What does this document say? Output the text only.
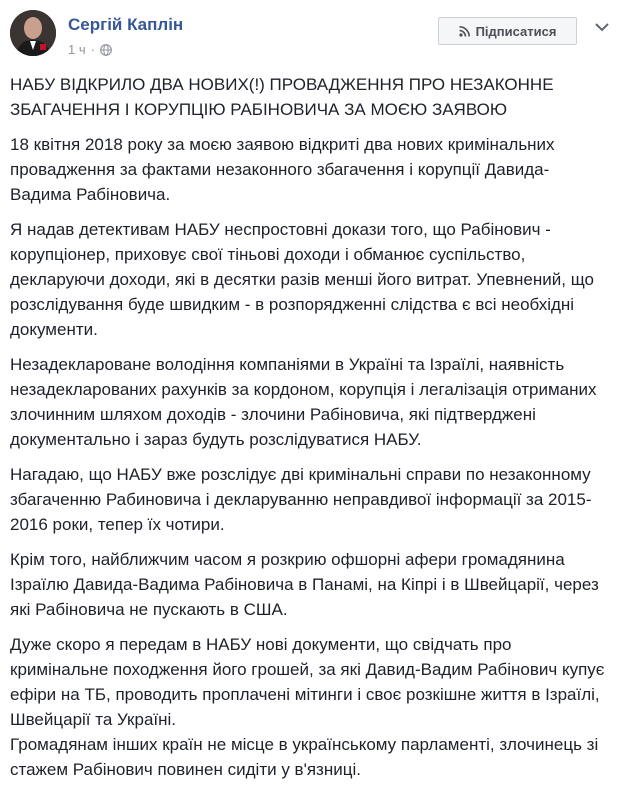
Сергій Каплін
1 ч ·
Підписатися

НАБУ ВІДКРИЛО ДВА НОВИХ(!) ПРОВАДЖЕННЯ ПРО НЕЗАКОННЕ ЗБАГАЧЕННЯ І КОРУПЦІЮ РАБІНОВИЧА ЗА МОЄЮ ЗАЯВОЮ

18 квітня 2018 року за моєю заявою відкриті два нових кримінальних провадження за фактами незаконного збагачення і корупції Давида-Вадима Рабіновича.

Я надав детективам НАБУ неспростовні докази того, що Рабінович - корупціонер, приховує свої тіньові доходи і обманює суспільство, декларуючи доходи, які в десятки разів менші його витрат. Упевнений, що розслідування буде швидким - в розпорядженні слідства є всі необхідні документи.

Незадекларoване володіння компаніями в Україні та Ізраїлі, наявність незадекларованих рахунків за кордоном, корупція і легалізація отриманих злочинним шляхом доходів - злочини Рабіновича, які підтверджені документально і зараз будуть розслідуватися НАБУ.

Нагадаю, що НАБУ вже розслідує дві кримінальні справи по незаконному збагаченню Рабиновича і декларуванню неправдивої інформації за 2015-2016 роки, тепер їх чотири.

Крім того, найближчим часом я розкрию офшорні афери громадянина Ізраїлю Давида-Вадима Рабіновича в Панамі, на Кіпрі і в Швейцарії, через які Рабіновича не пускають в США.

Дуже скоро я передам в НАБУ нові документи, що свідчать про кримінальне походження його грошей, за які Давид-Вадим Рабінович купує ефіри на ТБ, проводить проплачені мітинги і своє розкішне життя в Ізраїлі, Швейцарії та Україні.

Громадянам інших країн не місце в українському парламенті, злочинець зі стажем Рабінович повинен сидіти у в'язниці.
